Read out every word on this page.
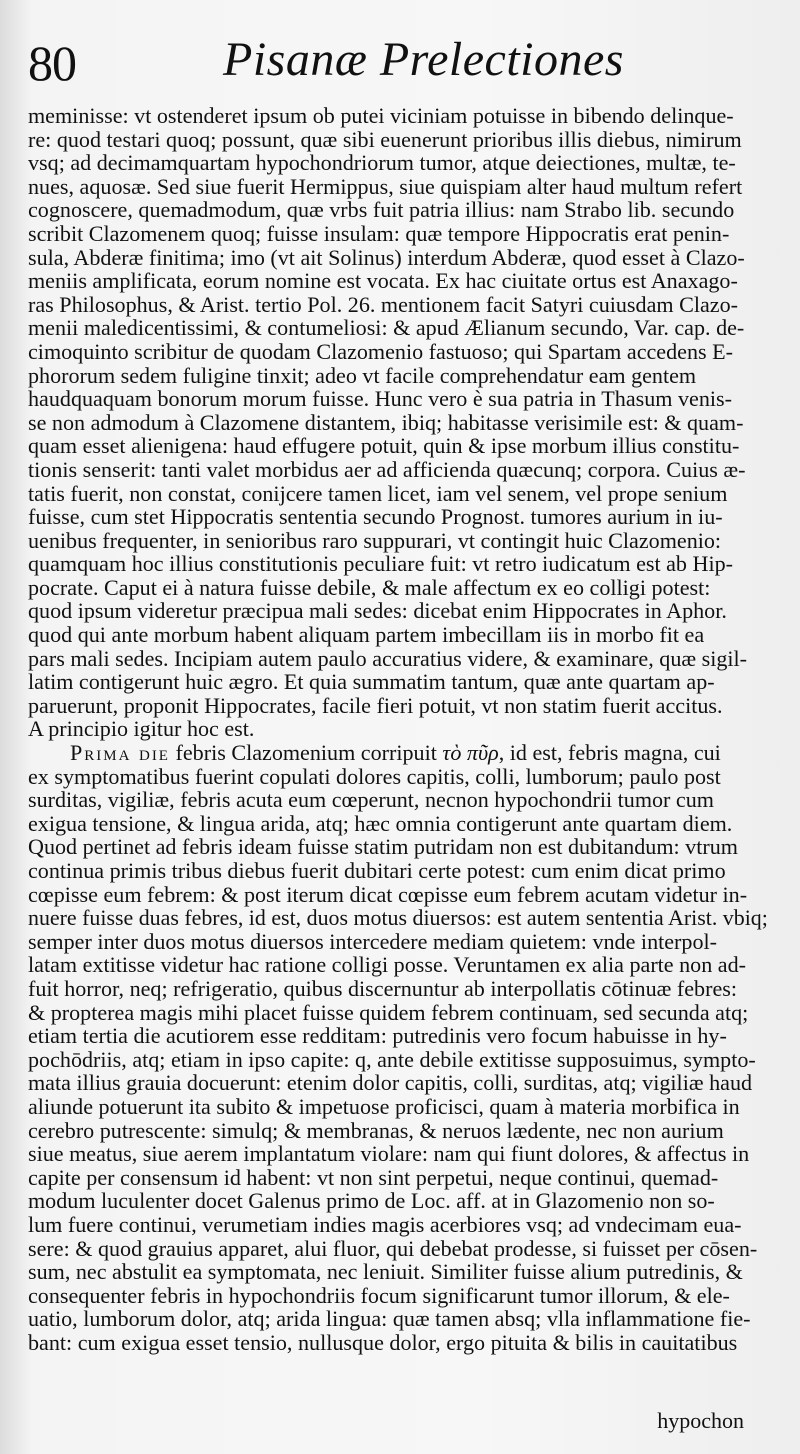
80	Pisanæ Prelectiones
meminisse: vt ostenderet ipsum ob putei viciniam potuisse in bibendo delinque-
re: quod testari quoq; possunt, quæ sibi euenerunt prioribus illis diebus, nimirum
vsq; ad decimamquartam hypochondriorum tumor, atque deiectiones, multæ, te-
nues, aquosæ. Sed siue fuerit Hermippus, siue quispiam alter haud multum refert
cognoscere, quemadmodum, quæ vrbs fuit patria illius: nam Strabo lib. secundo
scribit Clazomenem quoq; fuisse insulam: quæ tempore Hippocratis erat penin-
sula, Abderæ finitima; imo (vt ait Solinus) interdum Abderæ, quod esset à Clazo-
meniis amplificata, eorum nomine est vocata. Ex hac ciuitate ortus est Anaxago-
ras Philosophus, & Arist. tertio Pol. 26. mentionem facit Satyri cuiusdam Clazo-
menii maledicentissimi, & contumeliosi: & apud Ælianum secundo, Var. cap. de-
cimoquinto scribitur de quodam Clazomenio fastuoso; qui Spartam accedens E-
phororum sedem fuligine tinxit; adeo vt facile comprehendatur eam gentem
haudquaquam bonorum morum fuisse. Hunc vero è sua patria in Thasum venis-
se non admodum à Clazomene distantem, ibiq; habitasse verisimile est: & quam-
quam esset alienigena: haud effugere potuit, quin & ipse morbum illius constitu-
tionis senserit: tanti valet morbidus aer ad afficienda quæcunq; corpora. Cuius æ-
tatis fuerit, non constat, conijcere tamen licet, iam vel senem, vel prope senium
fuisse, cum stet Hippocratis sententia secundo Prognost. tumores aurium in iu-
uenibus frequenter, in senioribus raro suppurari, vt contingit huic Clazomenio:
quamquam hoc illius constitutionis peculiare fuit: vt retro iudicatum est ab Hip-
pocrate. Caput ei à natura fuisse debile, & male affectum ex eo colligi potest:
quod ipsum videretur præcipua mali sedes: dicebat enim Hippocrates in Aphor.
quod qui ante morbum habent aliquam partem imbecillam iis in morbo fit ea
pars mali sedes. Incipiam autem paulo accuratius videre, & examinare, quæ sigil-
latim contigerunt huic ægro. Et quia summatim tantum, quæ ante quartam ap-
paruerunt, proponit Hippocrates, facile fieri potuit, vt non statim fuerit accitus.
A principio igitur hoc est.
Prima die febris Clazomenium corripuit τὸ πῦρ, id est, febris magna, cui
ex symptomatibus fuerint copulati dolores capitis, colli, lumborum; paulo post
surditas, vigiliæ, febris acuta eum cœperunt, necnon hypochondrii tumor cum
exigua tensione, & lingua arida, atq; hæc omnia contigerunt ante quartam diem.
Quod pertinet ad febris ideam fuisse statim putridam non est dubitandum: vtrum
continua primis tribus diebus fuerit dubitari certe potest: cum enim dicat primo
cœpisse eum febrem: & post iterum dicat cœpisse eum febrem acutam videtur in-
nuere fuisse duas febres, id est, duos motus diuersos: est autem sententia Arist. vbiq;
semper inter duos motus diuersos intercedere mediam quietem: vnde interpol-
latam extitisse videtur hac ratione colligi posse. Veruntamen ex alia parte non ad-
fuit horror, neq; refrigeratio, quibus discernuntur ab interpollatis cōtinuæ febres:
& propterea magis mihi placet fuisse quidem febrem continuam, sed secunda atq;
etiam tertia die acutiorem esse redditam: putredinis vero focum habuisse in hy-
pochōdriis, atq; etiam in ipso capite: q, ante debile extitisse supposuimus, sympto-
mata illius grauia docuerunt: etenim dolor capitis, colli, surditas, atq; vigiliæ haud
aliunde potuerunt ita subito & impetuose proficisci, quam à materia morbifica in
cerebro putrescente: simulq; & membranas, & neruos lædente, nec non aurium
siue meatus, siue aerem implantatum violare: nam qui fiunt dolores, & affectus in
capite per consensum id habent: vt non sint perpetui, neque continui, quemad-
modum luculenter docet Galenus primo de Loc. aff. at in Glazomenio non so-
lum fuere continui, verumetiam indies magis acerbiores vsq; ad vndecimam eua-
sere: & quod grauius apparet, alui fluor, qui debebat prodesse, si fuisset per cōsen-
sum, nec abstulit ea symptomata, nec leniuit. Similiter fuisse alium putredinis, &
consequenter febris in hypochondriis focum significarunt tumor illorum, & ele-
uatio, lumborum dolor, atq; arida lingua: quæ tamen absq; vlla inflammatione fie-
bant: cum exigua esset tensio, nullusque dolor, ergo pituita & bilis in cauitatibus
hypochon
